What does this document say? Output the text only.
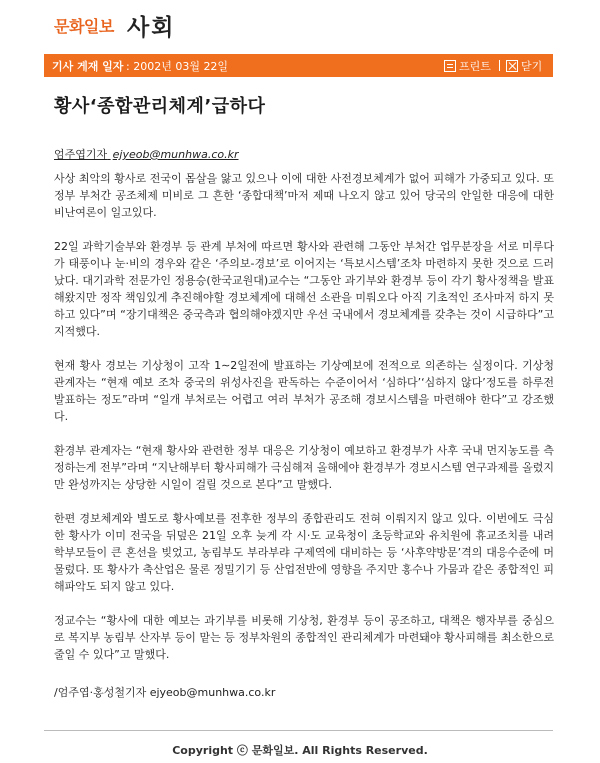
문화일보 사회
기사 게재 일자 : 2002년 03월 22일	프린트	닫기
황사‘종합관리체계’급하다
엄주엽기자 ejyeob@munhwa.co.kr

사상 최악의 황사로 전국이 몸살을 앓고 있으나 이에 대한 사전경보체계가 없어 피해가 가중되고 있다. 또 정부 부처간 공조체제 미비로 그 흔한 ‘종합대책’마저 제때 나오지 않고 있어 당국의 안일한 대응에 대한 비난여론이 일고있다.

22일 과학기술부와 환경부 등 관계 부처에 따르면 황사와 관련해 그동안 부처간 업무분장을 서로 미루다가 태풍이나 눈·비의 경우와 같은 ‘주의보-경보’로 이어지는 ‘특보시스템’조차 마련하지 못한 것으로 드러났다. 대기과학 전문가인 정용승(한국교원대)교수는 “그동안 과기부와 환경부 등이 각기 황사정책을 발표해왔지만 정작 책임있게 추진해야할 경보체계에 대해선 소관을 미뤄오다 아직 기초적인 조사마저 하지 못하고 있다”며 “장기대책은 중국측과 협의해야겠지만 우선 국내에서 경보체계를 갖추는 것이 시급하다”고 지적했다.

현재 황사 경보는 기상청이 고작 1∼2일전에 발표하는 기상예보에 전적으로 의존하는 실정이다. 기상청 관계자는 “현재 예보 조차 중국의 위성사진을 판독하는 수준이어서 ‘심하다’‘심하지 않다’정도를 하루전 발표하는 정도”라며 “일개 부처로는 어렵고 여러 부처가 공조해 경보시스템을 마련해야 한다”고 강조했다.

환경부 관계자는 “현재 황사와 관련한 정부 대응은 기상청이 예보하고 환경부가 사후 국내 먼지농도를 측정하는게 전부”라며 “지난해부터 황사피해가 극심해져 올해에야 환경부가 경보시스템 연구과제를 올렸지만 완성까지는 상당한 시일이 걸릴 것으로 본다”고 말했다.

한편 경보체계와 별도로 황사예보를 전후한 정부의 종합관리도 전혀 이뤄지지 않고 있다. 이번에도 극심한 황사가 이미 전국을 뒤덮은 21일 오후 늦게 각 시·도 교육청이 초등학교와 유치원에 휴교조치를 내려 학부모들이 큰 혼선을 빚었고, 농림부도 부라부랴 구제역에 대비하는 등 ‘사후약방문’격의 대응수준에 머물렀다. 또 황사가 축산업은 물론 정밀기기 등 산업전반에 영향을 주지만 홍수나 가뭄과 같은 종합적인 피해파악도 되지 않고 있다.

정교수는 “황사에 대한 예보는 과기부를 비롯해 기상청, 환경부 등이 공조하고, 대책은 행자부를 중심으로 복지부 농림부 산자부 등이 맡는 등 정부차원의 종합적인 관리체계가 마련돼야 황사피해를 최소한으로 줄일 수 있다”고 말했다.

/엄주엽·홍성철기자 ejyeob@munhwa.co.kr
Copyright ⓒ 문화일보. All Rights Reserved.
